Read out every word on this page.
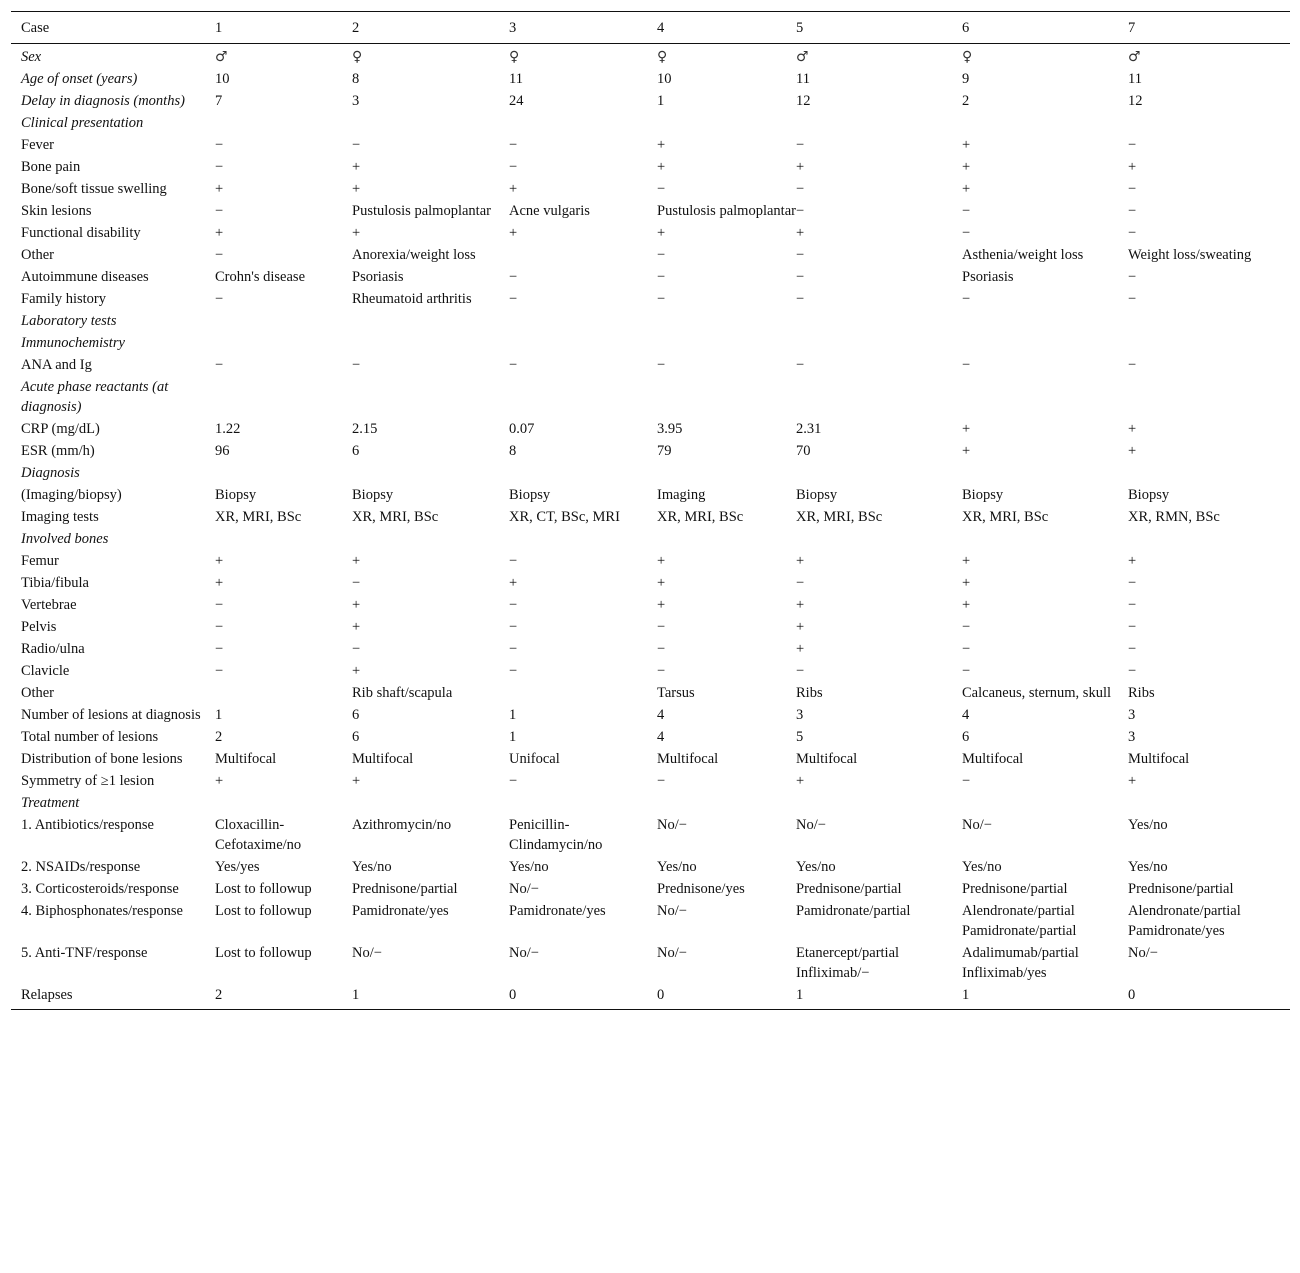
Case	1	2	3	4	5	6	7
Sex	♂	♀	♀	♀	♂	♀	♂
Age of onset (years)	10	8	11	10	11	9	11
Delay in diagnosis (months)	7	3	24	1	12	2	12
Clinical presentation							
Fever	−	−	−	+	−	+	−
Bone pain	−	+	−	+	+	+	+
Bone/soft tissue swelling	+	+	+	−	−	+	−
Skin lesions	−	Pustulosis palmoplantar	Acne vulgaris	Pustulosis palmoplantar	−	−	−
Functional disability	+	+	+	+	+	−	−
Other	−	Anorexia/weight loss		−	−	Asthenia/weight loss	Weight loss/sweating
Autoimmune diseases	Crohn's disease	Psoriasis	−	−	−	Psoriasis	−
Family history	−	Rheumatoid arthritis	−	−	−	−	−
Laboratory tests							
Immunochemistry							
ANA and Ig	−	−	−	−	−	−	−
Acute phase reactants (at diagnosis)							
CRP (mg/dL)	1.22	2.15	0.07	3.95	2.31	+	+
ESR (mm/h)	96	6	8	79	70	+	+
Diagnosis							
(Imaging/biopsy)	Biopsy	Biopsy	Biopsy	Imaging	Biopsy	Biopsy	Biopsy
Imaging tests	XR, MRI, BSc	XR, MRI, BSc	XR, CT, BSc, MRI	XR, MRI, BSc	XR, MRI, BSc	XR, MRI, BSc	XR, RMN, BSc
Involved bones							
Femur	+	+	−	+	+	+	+
Tibia/fibula	+	−	+	+	−	+	−
Vertebrae	−	+	−	+	+	+	−
Pelvis	−	+	−	−	+	−	−
Radio/ulna	−	−	−	−	+	−	−
Clavicle	−	+	−	−	−	−	−
Other		Rib shaft/scapula		Tarsus	Ribs	Calcaneus, sternum, skull	Ribs
Number of lesions at diagnosis	1	6	1	4	3	4	3
Total number of lesions	2	6	1	4	5	6	3
Distribution of bone lesions	Multifocal	Multifocal	Unifocal	Multifocal	Multifocal	Multifocal	Multifocal
Symmetry of ≥1 lesion	+	+	−	−	+	−	+
Treatment							
1. Antibiotics/response	Cloxacillin-Cefotaxime/no	Azithromycin/no	Penicillin-Clindamycin/no	No/−	No/−	No/−	Yes/no
2. NSAIDs/response	Yes/yes	Yes/no	Yes/no	Yes/no	Yes/no	Yes/no	Yes/no
3. Corticosteroids/response	Lost to followup	Prednisone/partial	No/−	Prednisone/yes	Prednisone/partial	Prednisone/partial	Prednisone/partial
4. Biphosphonates/response	Lost to followup	Pamidronate/yes	Pamidronate/yes	No/−	Pamidronate/partial	Alendronate/partial Pamidronate/partial	Alendronate/partial Pamidronate/yes
5. Anti-TNF/response	Lost to followup	No/−	No/−	No/−	Etanercept/partial Infliximab/−	Adalimumab/partial Infliximab/yes	No/−
Relapses	2	1	0	0	1	1	0
